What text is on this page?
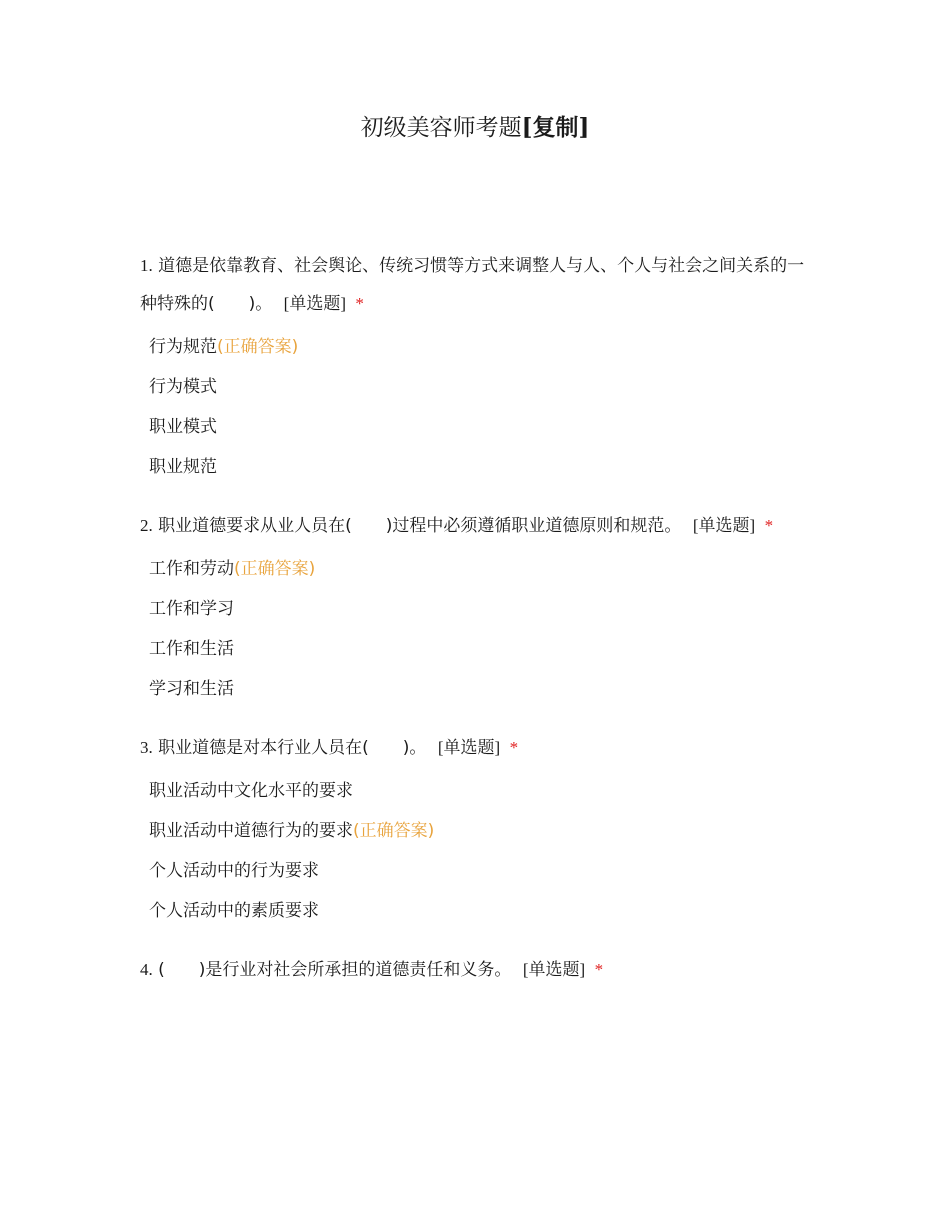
初级美容师考题[复制]

1. 道德是依靠教育、社会舆论、传统习惯等方式来调整人与人、个人与社会之间关系的一种特殊的(　　)。 [单选题] *

行为规范(正确答案)
行为模式
职业模式
职业规范

2. 职业道德要求从业人员在(　　)过程中必须遵循职业道德原则和规范。 [单选题] *

工作和劳动(正确答案)
工作和学习
工作和生活
学习和生活

3. 职业道德是对本行业人员在(　　)。 [单选题] *

职业活动中文化水平的要求
职业活动中道德行为的要求(正确答案)
个人活动中的行为要求
个人活动中的素质要求

4. (　　)是行业对社会所承担的道德责任和义务。 [单选题] *
